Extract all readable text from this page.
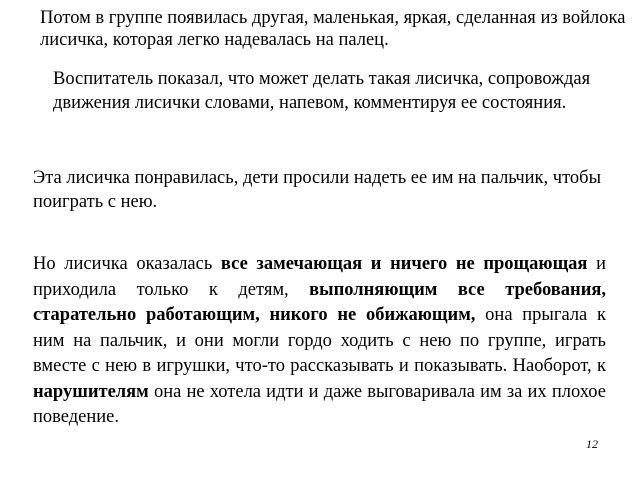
Потом в группе появилась другая, маленькая, яркая, сделанная из войлока лисичка, которая легко надевалась на палец.

Воспитатель показал, что может делать такая лисичка, сопровождая движения лисички словами, напевом, комментируя ее состояния.

Эта лисичка понравилась, дети просили надеть ее им на пальчик, чтобы поиграть с нею.

Но лисичка оказалась все замечающая и ничего не прощающая и приходила только к детям, выполняющим все требования, старательно работающим, никого не обижающим, она прыгала к ним на пальчик, и они могли гордо ходить с нею по группе, играть вместе с нею в игрушки, что-то рассказывать и показывать. Наоборот, к нарушителям она не хотела идти и даже выговаривала им за их плохое поведение.

12
